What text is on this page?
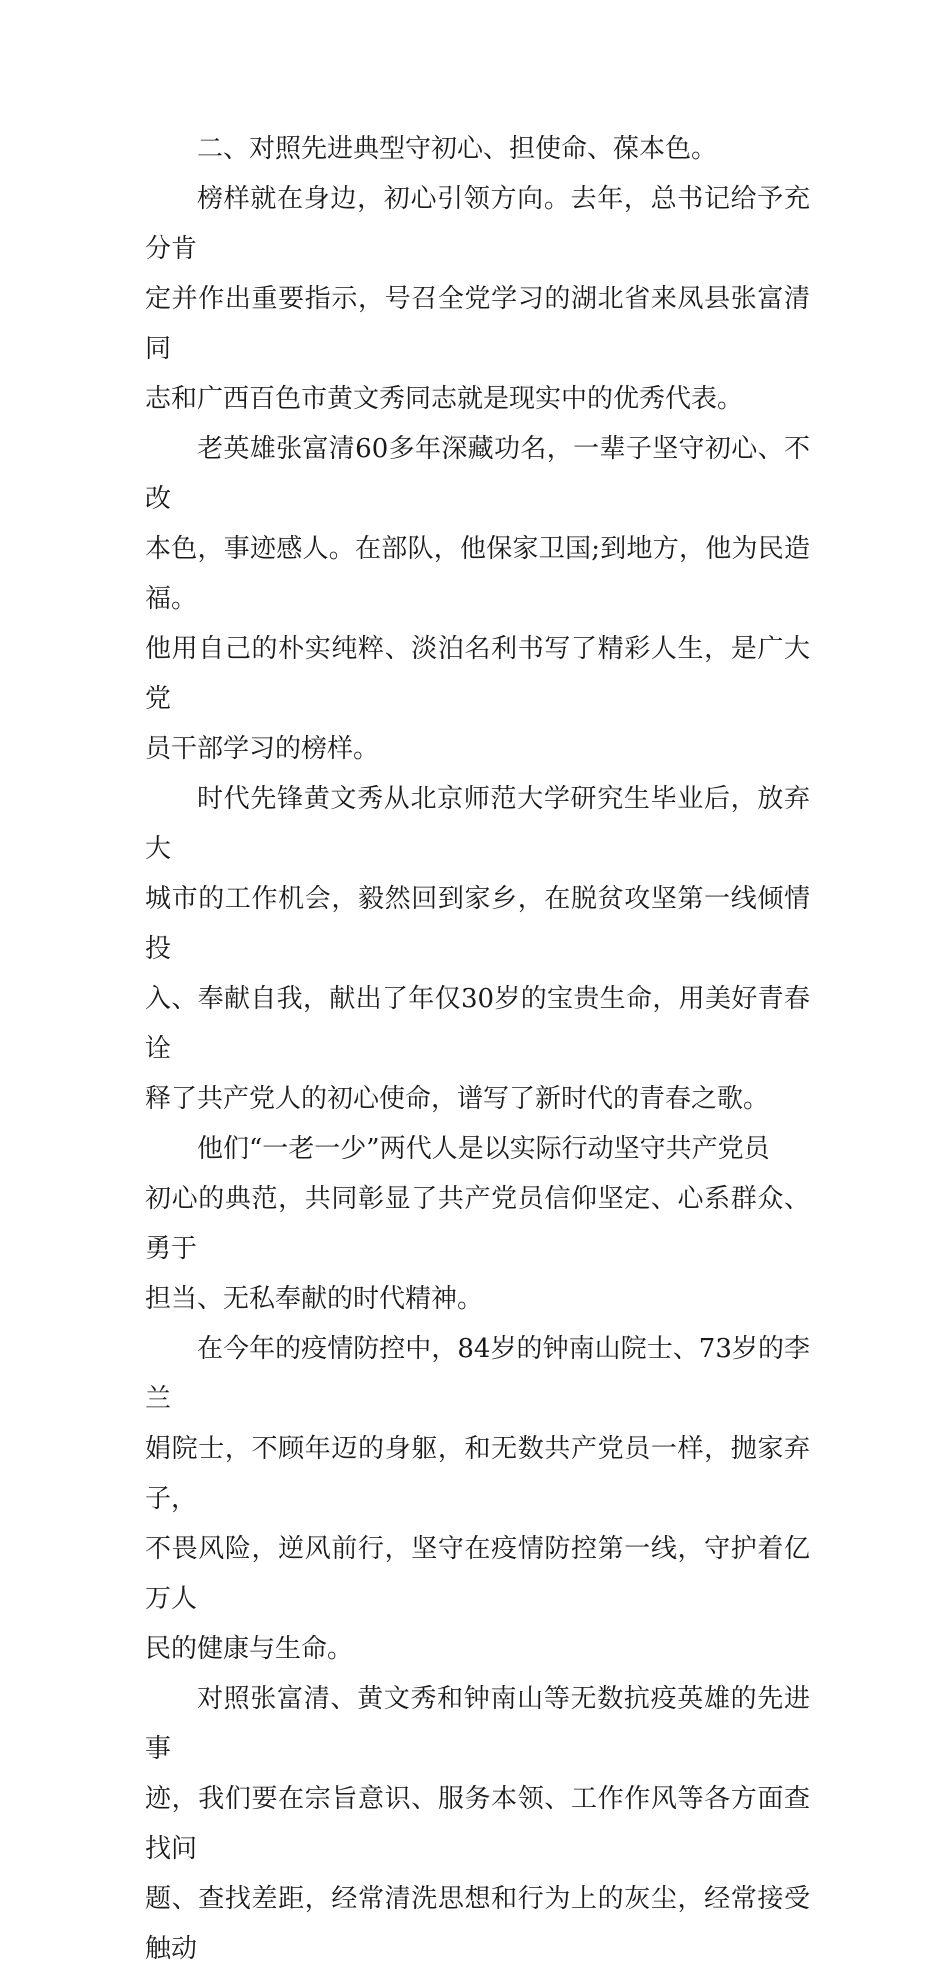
二、对照先进典型守初心、担使命、葆本色。

榜样就在身边，初心引领方向。去年，总书记给予充分肯
定并作出重要指示，号召全党学习的湖北省来凤县张富清同
志和广西百色市黄文秀同志就是现实中的优秀代表。

老英雄张富清60多年深藏功名，一辈子坚守初心、不改
本色，事迹感人。在部队，他保家卫国;到地方，他为民造福。
他用自己的朴实纯粹、淡泊名利书写了精彩人生，是广大党
员干部学习的榜样。

时代先锋黄文秀从北京师范大学研究生毕业后，放弃大
城市的工作机会，毅然回到家乡，在脱贫攻坚第一线倾情投
入、奉献自我，献出了年仅30岁的宝贵生命，用美好青春诠
释了共产党人的初心使命，谱写了新时代的青春之歌。

他们“一老一少”两代人是以实际行动坚守共产党员
初心的典范，共同彰显了共产党员信仰坚定、心系群众、勇于
担当、无私奉献的时代精神。

在今年的疫情防控中，84岁的钟南山院士、73岁的李兰
娟院士，不顾年迈的身躯，和无数共产党员一样，抛家弃子，
不畏风险，逆风前行，坚守在疫情防控第一线，守护着亿万人
民的健康与生命。

对照张富清、黄文秀和钟南山等无数抗疫英雄的先进事
迹，我们要在宗旨意识、服务本领、工作作风等各方面查找问
题、查找差距，经常清洗思想和行为上的灰尘，经常接受触动
